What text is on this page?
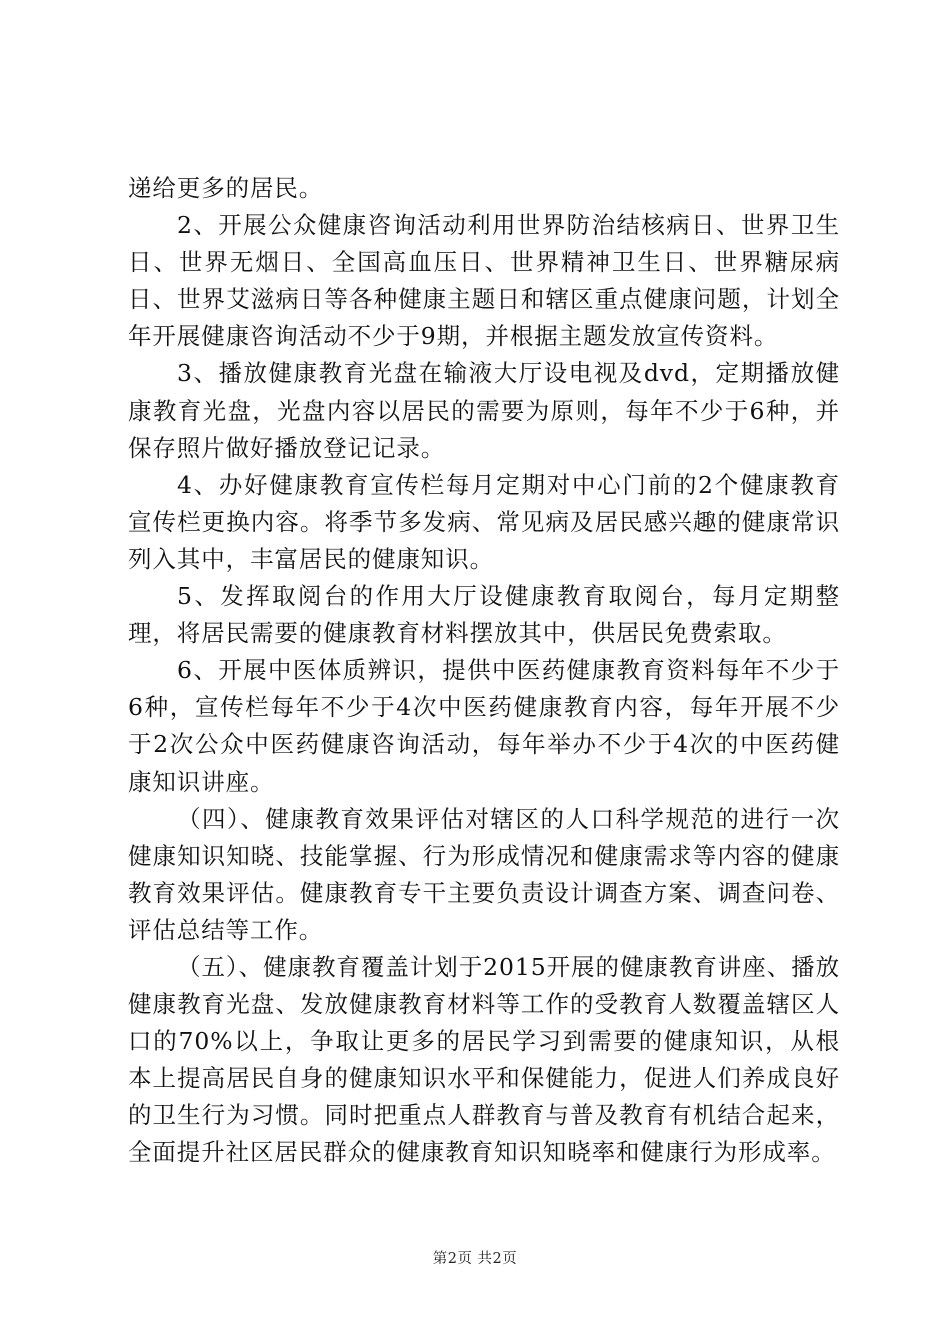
递给更多的居民。

2、开展公众健康咨询活动利用世界防治结核病日、世界卫生日、世界无烟日、全国高血压日、世界精神卫生日、世界糖尿病日、世界艾滋病日等各种健康主题日和辖区重点健康问题，计划全年开展健康咨询活动不少于9期，并根据主题发放宣传资料。

3、播放健康教育光盘在输液大厅设电视及dvd，定期播放健康教育光盘，光盘内容以居民的需要为原则，每年不少于6种，并保存照片做好播放登记记录。

4、办好健康教育宣传栏每月定期对中心门前的2个健康教育宣传栏更换内容。将季节多发病、常见病及居民感兴趣的健康常识列入其中，丰富居民的健康知识。

5、发挥取阅台的作用大厅设健康教育取阅台，每月定期整理，将居民需要的健康教育材料摆放其中，供居民免费索取。

6、开展中医体质辨识，提供中医药健康教育资料每年不少于6种，宣传栏每年不少于4次中医药健康教育内容，每年开展不少于2次公众中医药健康咨询活动，每年举办不少于4次的中医药健康知识讲座。

（四）、健康教育效果评估对辖区的人口科学规范的进行一次健康知识知晓、技能掌握、行为形成情况和健康需求等内容的健康教育效果评估。健康教育专干主要负责设计调查方案、调查问卷、评估总结等工作。

（五）、健康教育覆盖计划于2015开展的健康教育讲座、播放健康教育光盘、发放健康教育材料等工作的受教育人数覆盖辖区人口的70%以上，争取让更多的居民学习到需要的健康知识，从根本上提高居民自身的健康知识水平和保健能力，促进人们养成良好的卫生行为习惯。同时把重点人群教育与普及教育有机结合起来，全面提升社区居民群众的健康教育知识知晓率和健康行为形成率。

第2页 共2页
